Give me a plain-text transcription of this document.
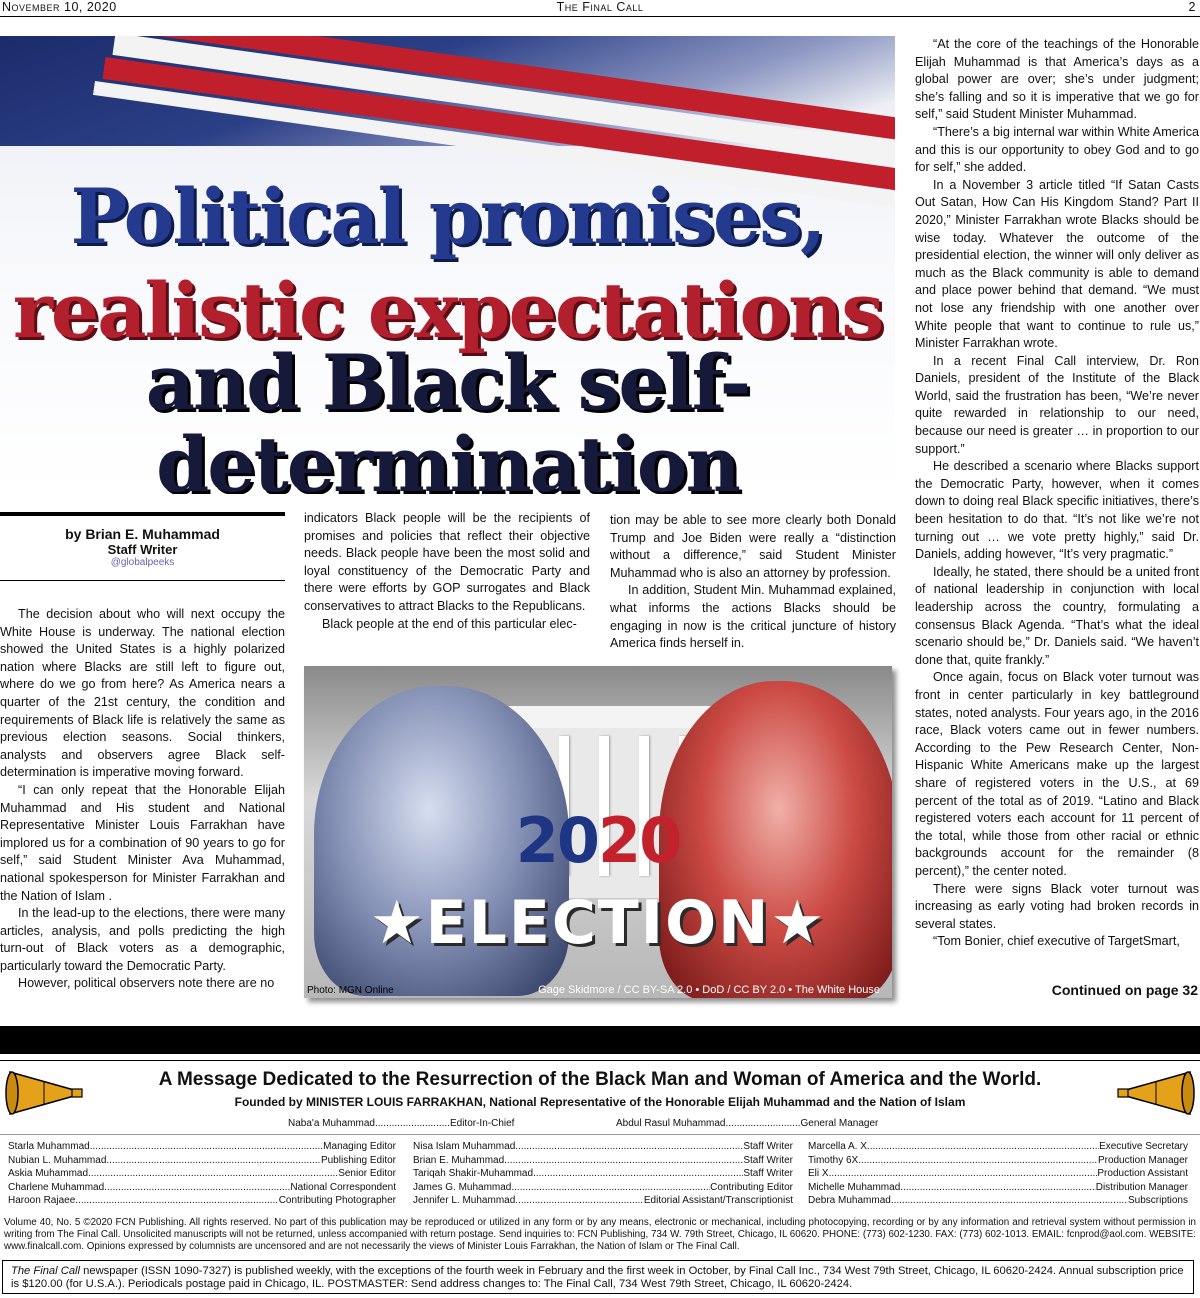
November 10, 2020	The Final Call	2
Political promises,
realistic expectations
and Black self-
determination
by Brian E. Muhammad
Staff Writer
@globalpeeks

The decision about who will next occupy the White House is underway. The national election showed the United States is a highly polarized nation where Blacks are still left to figure out, where do we go from here? As America nears a quarter of the 21st century, the condition and requirements of Black life is relatively the same as previous election seasons. Social thinkers, analysts and observers agree Black self-determination is imperative moving forward.

“I can only repeat that the Honorable Elijah Muhammad and His student and National Representative Minister Louis Farrakhan have implored us for a combination of 90 years to go for self,” said Student Minister Ava Muhammad, national spokesperson for Minister Farrakhan and the Nation of Islam .

In the lead-up to the elections, there were many articles, analysis, and polls predicting the high turn-out of Black voters as a demographic, particularly toward the Democratic Party.

However, political observers note there are no

indicators Black people will be the recipients of promises and policies that reflect their objective needs. Black people have been the most solid and loyal constituency of the Democratic Party and there were efforts by GOP surrogates and Black conservatives to attract Blacks to the Republicans.

Black people at the end of this particular elec-

tion may be able to see more clearly both Donald Trump and Joe Biden were really a “distinction without a difference,” said Student Minister Muhammad who is also an attorney by profession.

In addition, Student Min. Muhammad explained, what informs the actions Blacks should be engaging in now is the critical juncture of history America finds herself in.

“At the core of the teachings of the Honorable Elijah Muhammad is that America’s days as a global power are over; she’s under judgment; she’s falling and so it is imperative that we go for self,” said Student Minister Muhammad.

“There’s a big internal war within White America and this is our opportunity to obey God and to go for self,” she added.

In a November 3 article titled “If Satan Casts Out Satan, How Can His Kingdom Stand? Part II 2020,” Minister Farrakhan wrote Blacks should be wise today. Whatever the outcome of the presidential election, the winner will only deliver as much as the Black community is able to demand and place power behind that demand. “We must not lose any friendship with one another over White people that want to continue to rule us,” Minister Farrakhan wrote.

In a recent Final Call interview, Dr. Ron Daniels, president of the Institute of the Black World, said the frustration has been, “We’re never quite rewarded in relationship to our need, because our need is greater … in proportion to our support.”

He described a scenario where Blacks support the Democratic Party, however, when it comes down to doing real Black specific initiatives, there’s been hesitation to do that. “It’s not like we’re not turning out … we vote pretty highly,” said Dr. Daniels, adding however, “It’s very pragmatic.”

Ideally, he stated, there should be a united front of national leadership in conjunction with local leadership across the country, formulating a consensus Black Agenda. “That’s what the ideal scenario should be,” Dr. Daniels said. “We haven’t done that, quite frankly.”

Once again, focus on Black voter turnout was front in center particularly in key battleground states, noted analysts. Four years ago, in the 2016 race, Black voters came out in fewer numbers. According to the Pew Research Center, Non-Hispanic White Americans make up the largest share of registered voters in the U.S., at 69 percent of the total as of 2019. “Latino and Black registered voters each account for 11 percent of the total, while those from other racial or ethnic backgrounds account for the remainder (8 percent),” the center noted.

There were signs Black voter turnout was increasing as early voting had broken records in several states.

“Tom Bonier, chief executive of TargetSmart,

Continued on page 32
2020
★ELECTION★
Photo: MGN Online	Gage Skidmore / CC BY-SA 2.0 • DoD / CC BY 2.0 • The White House
A Message Dedicated to the Resurrection of the Black Man and Woman of America and the World.
Founded by MINISTER LOUIS FARRAKHAN, National Representative of the Honorable Elijah Muhammad and the Nation of Islam
Naba'a Muhammad...........................Editor-In-Chief	Abdul Rasul Muhammad...........................General Manager
Starla Muhammad .....	Managing Editor
Nubian L. Muhammad .....	Publishing Editor
Askia Muhammad .....	Senior Editor
Charlene Muhammad .....	National Correspondent
Haroon Rajaee .....	Contributing Photographer
Nisa Islam Muhammad .....	Staff Writer
Brian E. Muhammad .....	Staff Writer
Tariqah Shakir-Muhammad .....	Staff Writer
James G. Muhammad .....	Contributing Editor
Jennifer L. Muhammad .....	Editorial Assistant/Transcriptionist
Marcella A. X .....	Executive Secretary
Timothy 6X .....	Production Manager
Eli X .....	Production Assistant
Michelle Muhammad .....	Distribution Manager
Debra Muhammad .....	Subscriptions
Volume 40, No. 5 ©2020 FCN Publishing. All rights reserved. No part of this publication may be reproduced or utilized in any form or by any means, electronic or mechanical, including photocopying, recording or by any information and retrieval system without permission in writing from The Final Call. Unsolicited manuscripts will not be returned, unless accompanied with return postage. Send inquiries to: FCN Publishing, 734 W. 79th Street, Chicago, IL 60620. PHONE: (773) 602-1230. FAX: (773) 602-1013. EMAIL: fcnprod@aol.com. WEBSITE: www.finalcall.com. Opinions expressed by columnists are uncensored and are not necessarily the views of Minister Louis Farrakhan, the Nation of Islam or The Final Call.
The Final Call newspaper (ISSN 1090-7327) is published weekly, with the exceptions of the fourth week in February and the first week in October, by Final Call Inc., 734 West 79th Street, Chicago, IL 60620-2424. Annual subscription price is $120.00 (for U.S.A.). Periodicals postage paid in Chicago, IL. POSTMASTER: Send address changes to: The Final Call, 734 West 79th Street, Chicago, IL 60620-2424.
